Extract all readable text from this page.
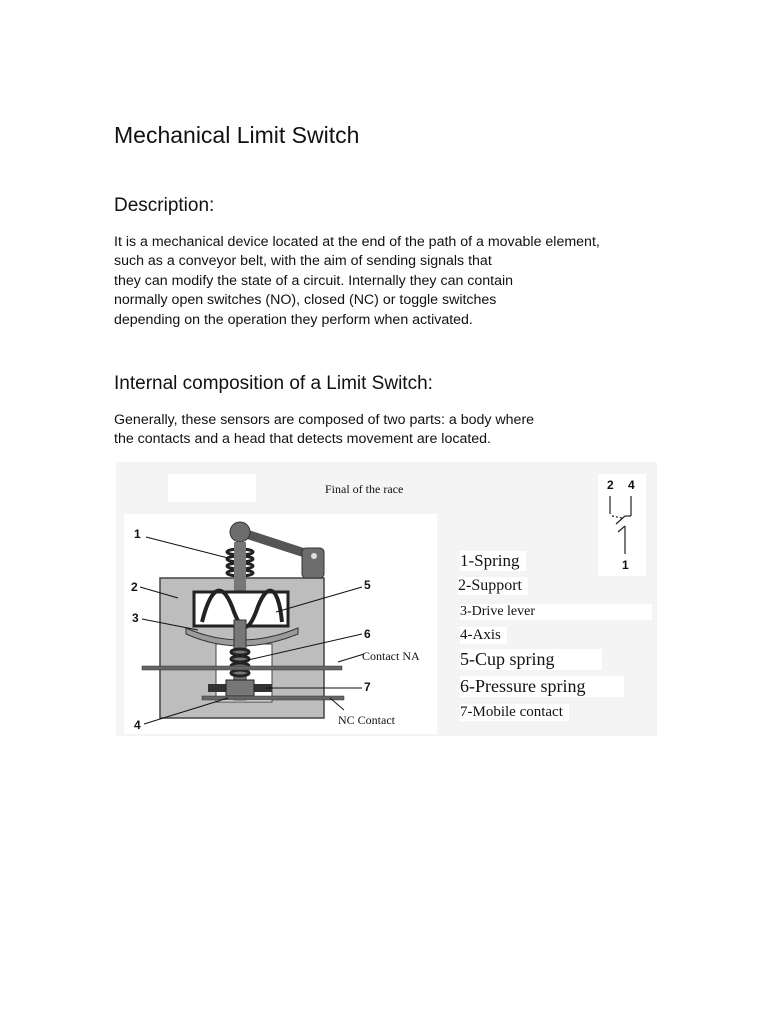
Mechanical Limit Switch
Description:

It is a mechanical device located at the end of the path of a movable element,
such as a conveyor belt, with the aim of sending signals that
they can modify the state of a circuit. Internally they can contain
normally open switches (NO), closed (NC) or toggle switches
depending on the operation they perform when activated.

Internal composition of a Limit Switch:

Generally, these sensors are composed of two parts: a body where
the contacts and a head that detects movement are located.

Final of the race
1
2
3
4
5
6
7
Contact NA
NC Contact
2 4
1
1-Spring
2-Support
3-Drive lever
4-Axis
5-Cup spring
6-Pressure spring
7-Mobile contact
